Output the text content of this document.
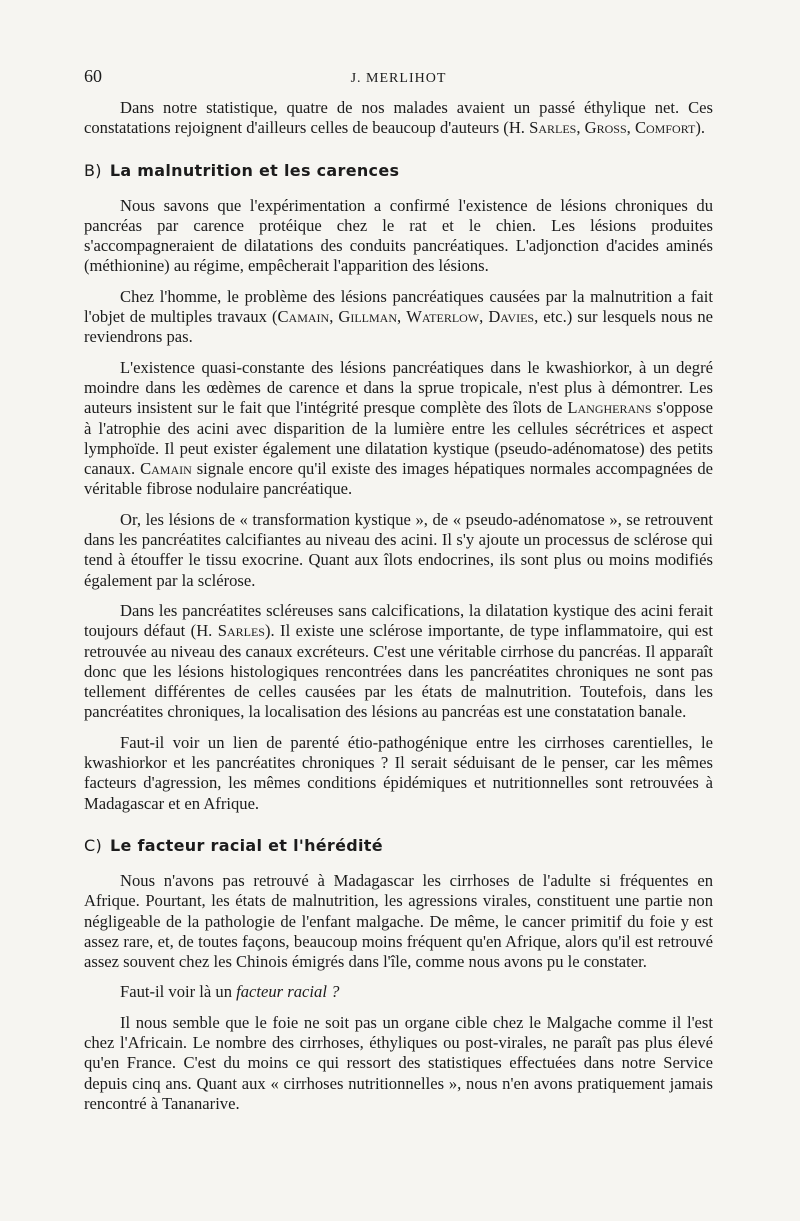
60	J. MERLIHOT

Dans notre statistique, quatre de nos malades avaient un passé éthylique net. Ces constatations rejoignent d'ailleurs celles de beaucoup d'auteurs (H. Sarles, Gross, Comfort).

B) La malnutrition et les carences

Nous savons que l'expérimentation a confirmé l'existence de lésions chroniques du pancréas par carence protéique chez le rat et le chien. Les lésions produites s'accompagneraient de dilatations des conduits pancréatiques. L'adjonction d'acides aminés (méthionine) au régime, empêcherait l'apparition des lésions.

Chez l'homme, le problème des lésions pancréatiques causées par la malnutrition a fait l'objet de multiples travaux (Camain, Gillman, Waterlow, Davies, etc.) sur lesquels nous ne reviendrons pas.

L'existence quasi-constante des lésions pancréatiques dans le kwashiorkor, à un degré moindre dans les œdèmes de carence et dans la sprue tropicale, n'est plus à démontrer. Les auteurs insistent sur le fait que l'intégrité presque complète des îlots de Langherans s'oppose à l'atrophie des acini avec disparition de la lumière entre les cellules sécrétrices et aspect lymphoïde. Il peut exister également une dilatation kystique (pseudo-adénomatose) des petits canaux. Camain signale encore qu'il existe des images hépatiques normales accompagnées de véritable fibrose nodulaire pancréatique.

Or, les lésions de « transformation kystique », de « pseudo-adénomatose », se retrouvent dans les pancréatites calcifiantes au niveau des acini. Il s'y ajoute un processus de sclérose qui tend à étouffer le tissu exocrine. Quant aux îlots endocrines, ils sont plus ou moins modifiés également par la sclérose.

Dans les pancréatites scléreuses sans calcifications, la dilatation kystique des acini ferait toujours défaut (H. Sarles). Il existe une sclérose importante, de type inflammatoire, qui est retrouvée au niveau des canaux excréteurs. C'est une véritable cirrhose du pancréas. Il apparaît donc que les lésions histologiques rencontrées dans les pancréatites chroniques ne sont pas tellement différentes de celles causées par les états de malnutrition. Toutefois, dans les pancréatites chroniques, la localisation des lésions au pancréas est une constatation banale.

Faut-il voir un lien de parenté étio-pathogénique entre les cirrhoses carentielles, le kwashiorkor et les pancréatites chroniques ? Il serait séduisant de le penser, car les mêmes facteurs d'agression, les mêmes conditions épidémiques et nutritionnelles sont retrouvées à Madagascar et en Afrique.

C) Le facteur racial et l'hérédité

Nous n'avons pas retrouvé à Madagascar les cirrhoses de l'adulte si fréquentes en Afrique. Pourtant, les états de malnutrition, les agressions virales, constituent une partie non négligeable de la pathologie de l'enfant malgache. De même, le cancer primitif du foie y est assez rare, et, de toutes façons, beaucoup moins fréquent qu'en Afrique, alors qu'il est retrouvé assez souvent chez les Chinois émigrés dans l'île, comme nous avons pu le constater.

Faut-il voir là un facteur racial ?

Il nous semble que le foie ne soit pas un organe cible chez le Malgache comme il l'est chez l'Africain. Le nombre des cirrhoses, éthyliques ou post-virales, ne paraît pas plus élevé qu'en France. C'est du moins ce qui ressort des statistiques effectuées dans notre Service depuis cinq ans. Quant aux « cirrhoses nutritionnelles », nous n'en avons pratiquement jamais rencontré à Tananarive.
